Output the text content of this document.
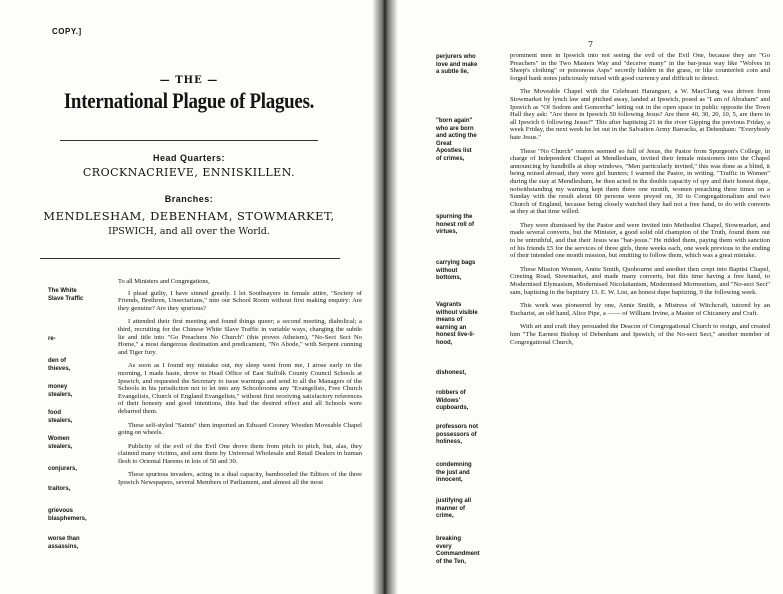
COPY.]
— THE —
International Plague of Plagues.
Head Quarters:
CROCKNACRIEVE, ENNISKILLEN.
Branches:
MENDLESHAM, DEBENHAM, STOWMARKET,
IPSWICH, and all over the World.
The White Slave Traffic
re-
den of thieves,
money stealers,
food stealers,
Women stealers,
conjurers,
traitors,
grievous blasphemers,
worse than assassins,

To all Ministers and Congregations,

I plead guilty, I have sinned greatly. I let Soothsayers in female attire, "Society of Friends, Brethren, Unsectarians," into our School Room without first making enquiry: Are they genuine? Are they spurious?

I attended their first meeting and found things queer; a second meeting, diabolical; a third, recruiting for the Chinese White Slave Traffic in variable ways, changing the subtle lie and title into "Go Preachers No Church" (this proves Atheism), "No-Sect Sect No Home," a most dangerous destination and predicament, "No Abode," with Serpent cunning and Tiger fury.

As soon as I found my mistake out, my sleep went from me, I arose early in the morning, I made haste, drove to Head Office of East Suffolk County Council Schools at Ipswich, and requested the Secretary to issue warnings and send to all the Managers of the Schools in his jurisdiction not to let into any Schoolrooms any "Evangelists, Free Church Evangelists, Church of England Evangelists," without first receiving satisfactory references of their honesty and good intentions, this had the desired effect and all Schools were debarred them.

These self-styled "Saints" then imported an Edward Cooney Wooden Moveable Chapel going on wheels.

Publicity of the evil of the Evil One drove them from pitch to pitch, but, alas, they claimed many victims, and sent them by Universal Wholesale and Retail Dealers in human flesh to Oriental Harems in lots of 50 and 30.

These spurious invaders, acting in a dual capacity, bamboozled the Editors of the three Ipswich Newspapers, several Members of Parliament, and almost all the most

7
perjurers who love and make a subtle lie,
"born again" who are born and acting the Great Apostles list of crimes,
spurning the honest roll of virtues,
carrying bags without bottoms,
Vagrants without visible means of earning an honest live-li-hood,
dishonest,
robbers of Widows' cupboards,
professors not possessors of holiness,
condemning the just and innocent,
justifying all manner of crime,
breaking every Commandment of the Ten,

prominent men in Ipswich into not seeing the evil of the Evil One, because they are "Go Preachers" in the Two Masters Way and "deceive many" in the bar-jesus way like "Wolves in Sheep's clothing" or poisonous Asps" secretly hidden in the grass, or like counterfeit coin and forged bank notes judiciously mixed with good currency and difficult to detect.

The Moveable Chapel with the Celebrant Haranguer, a W. MacClung was driven from Stowmarket by lynch law and pitched away, landed at Ipswich, posed as "I am of Abraham" and Ipswich as "Of Sodom and Gomorrha" letting out in the open space in public opposite the Town Hall they ask: "Are there in Ipswich 50 following Jesus? Are there 40, 30, 20, 10, 5, are there in all Ipswich 6 following Jesus?" This after baptising 21 in the river Gipping the previous Friday, a week Friday, the next week he let out in the Salvation Army Barracks, at Debenham: "Everybody hate Jesus."

These "No Church" orators seemed so full of Jesus, the Pastor from Spurgeon's College, in charge of Independent Chapel at Mendlesham, invited their female missioners into the Chapel announcing by handbills at shop windows, "Men particularly invited," this was done as a blind, it being noised abroad, they were girl hunters; I warned the Pastor, in writing. "Traffic in Women" during the stay at Mendlesham, he then acted in the double capacity of spy and their honest dupe, notwithstanding my warning kept them there one month, women preaching three times on a Sunday with the result about 60 persons were preyed on, 30 to Congregationalism and two Church of England, because being closely watched they had not a free hand, to do with converts as they at that time willed.

They were dismissed by the Pastor and were invited into Methodist Chapel, Stowmarket, and made several converts, but the Minister, a good solid old champion of the Truth, found them out to be untruthful, and that their Jesus was "bar-jesus." He ridded them, paying them with sanction of his friends £5 for the services of three girls, three weeks each, one week previous to the ending of their intended one month mission, but omitting to follow them, which was a great mistake.

These Mission Women, Annie Smith, Quohourne and another then crept into Baptist Chapel, Creeting Road, Stowmarket, and made many converts, but this time having a free hand, to Modernised Elymasism, Modernised Nicolaitanism, Modernised Mormonism, and "No-sect Sect" sam, baptising in the baptistry 13. E. W. List, an honest dupe baptizing, 9 the following week.

This work was pioneered by one, Annie Smith, a Mistress of Witchcraft, tutored by an Eucharist, an old hand, Alice Pipe, a —— of William Irvine, a Master of Chicanery and Craft.

With art and craft they persuaded the Deacon of Congregational Church to resign, and created him "The Earnest Bishop of Debenham and Ipswich, of the No-sect Sect," another member of Congregational Church,
